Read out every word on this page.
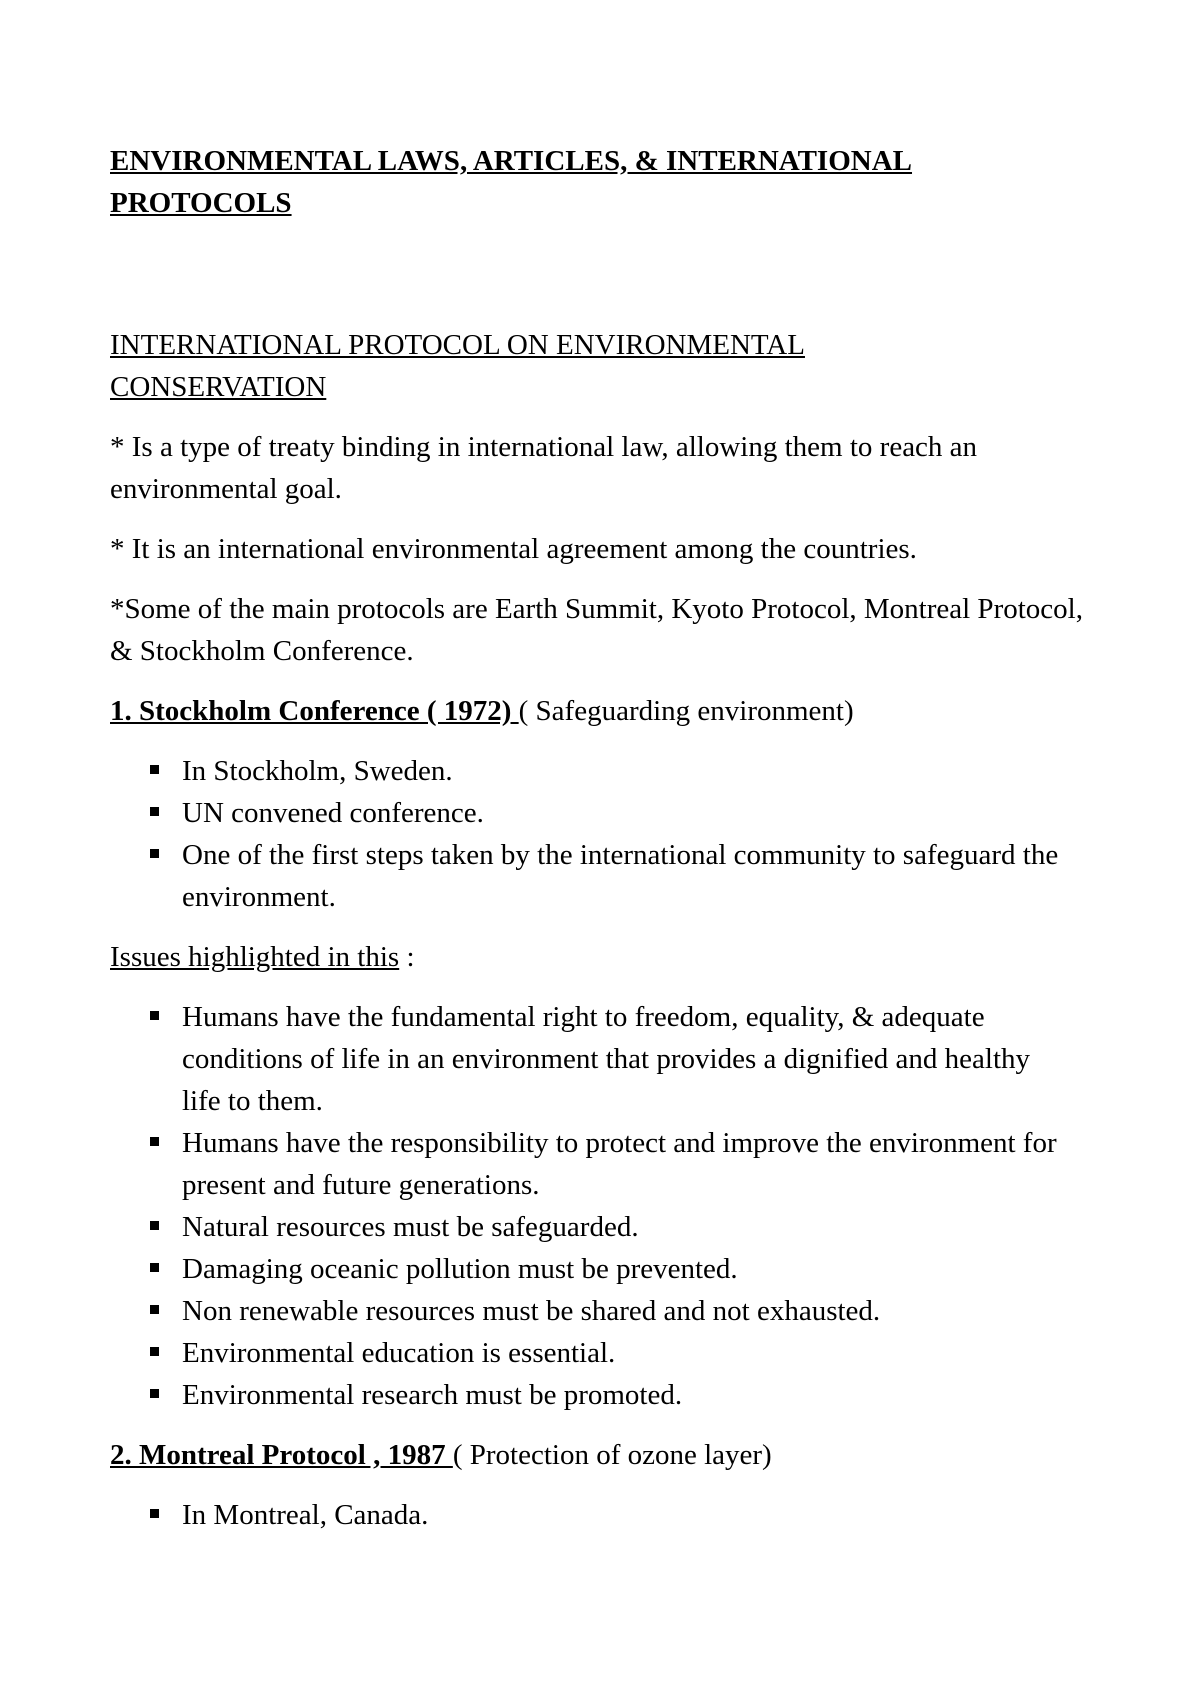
ENVIRONMENTAL LAWS, ARTICLES, & INTERNATIONAL PROTOCOLS
INTERNATIONAL PROTOCOL ON ENVIRONMENTAL CONSERVATION

* Is a type of treaty binding in international law, allowing them to reach an environmental goal.

* It is an international environmental agreement among the countries.

*Some of the main protocols are Earth Summit, Kyoto Protocol, Montreal Protocol, & Stockholm Conference.

1. Stockholm Conference ( 1972) ( Safeguarding environment)

In Stockholm, Sweden.
UN convened conference.
One of the first steps taken by the international community to safeguard the environment.

Issues highlighted in this :

Humans have the fundamental right to freedom, equality, & adequate conditions of life in an environment that provides a dignified and healthy life to them.
Humans have the responsibility to protect and improve the environment for present and future generations.
Natural resources must be safeguarded.
Damaging oceanic pollution must be prevented.
Non renewable resources must be shared and not exhausted.
Environmental education is essential.
Environmental research must be promoted.

2. Montreal Protocol , 1987 ( Protection of ozone layer)

In Montreal, Canada.
